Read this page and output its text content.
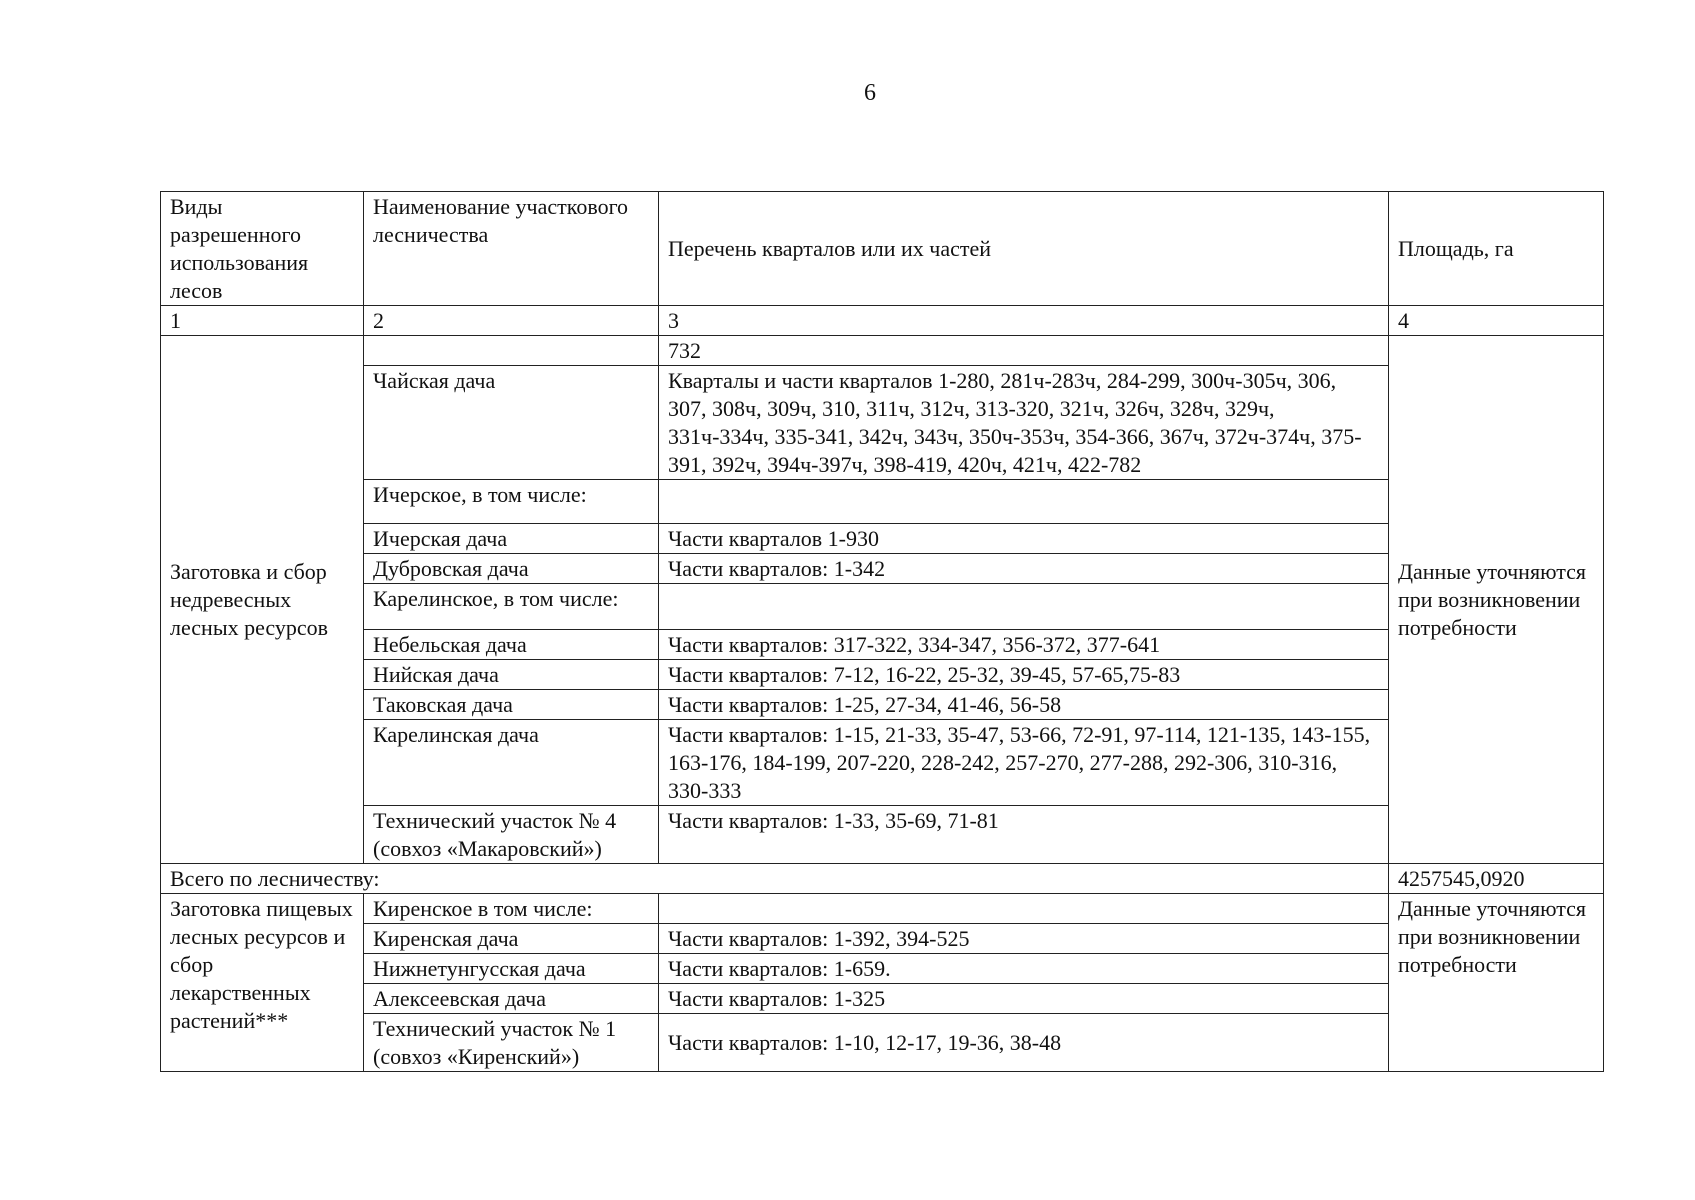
6
Виды разрешенного использования лесов	Наименование участкового лесничества	Перечень кварталов или их частей	Площадь, га
1	2	3	4
Заготовка и сбор недревесных лесных ресурсов		732	Данные уточняются при возникновении потребности
	Чайская дача	Кварталы и части кварталов 1-280, 281ч-283ч, 284-299, 300ч-305ч, 306, 307, 308ч, 309ч, 310, 311ч, 312ч, 313-320, 321ч, 326ч, 328ч, 329ч, 331ч-334ч, 335-341, 342ч, 343ч, 350ч-353ч, 354-366, 367ч, 372ч-374ч, 375-391, 392ч, 394ч-397ч, 398-419, 420ч, 421ч, 422-782	
	Ичерское, в том числе:		
	Ичерская дача	Части кварталов 1-930	
	Дубровская дача	Части кварталов: 1-342	
	Карелинское, в том числе:		
	Небельская дача	Части кварталов: 317-322, 334-347, 356-372, 377-641	
	Нийская дача	Части кварталов: 7-12, 16-22, 25-32, 39-45, 57-65,75-83	
	Таковская дача	Части кварталов: 1-25, 27-34, 41-46, 56-58	
	Карелинская дача	Части кварталов: 1-15, 21-33, 35-47, 53-66, 72-91, 97-114, 121-135, 143-155, 163-176, 184-199, 207-220, 228-242, 257-270, 277-288, 292-306, 310-316, 330-333	
	Технический участок № 4 (совхоз «Макаровский»)	Части кварталов: 1-33, 35-69, 71-81	
Всего по лесничеству:			4257545,0920
Заготовка пищевых лесных ресурсов и сбор лекарственных растений***	Киренское в том числе:		Данные уточняются при возникновении потребности
	Киренская дача	Части кварталов: 1-392, 394-525	
	Нижнетунгусская дача	Части кварталов: 1-659.	
	Алексеевская дача	Части кварталов: 1-325	
	Технический участок № 1 (совхоз «Киренский»)	Части кварталов: 1-10, 12-17, 19-36, 38-48	
